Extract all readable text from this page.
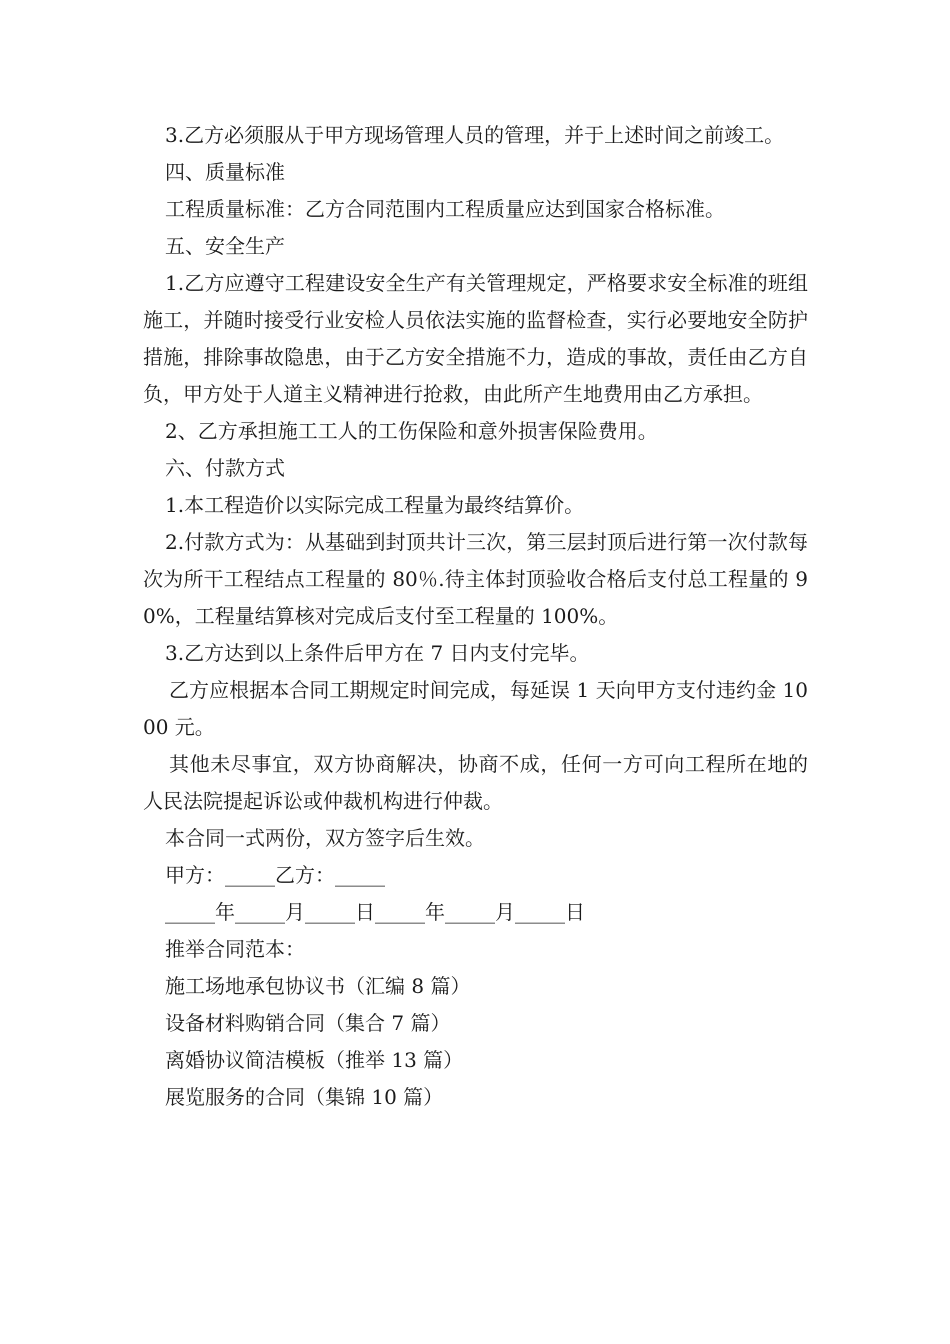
3.乙方必须服从于甲方现场管理人员的管理，并于上述时间之前竣工。

四、质量标准

工程质量标准：乙方合同范围内工程质量应达到国家合格标准。

五、安全生产

1.乙方应遵守工程建设安全生产有关管理规定，严格要求安全标准的班组施工，并随时接受行业安检人员依法实施的监督检查，实行必要地安全防护措施，排除事故隐患，由于乙方安全措施不力，造成的事故，责任由乙方自负，甲方处于人道主义精神进行抢救，由此所产生地费用由乙方承担。

2、乙方承担施工工人的工伤保险和意外损害保险费用。

六、付款方式

1.本工程造价以实际完成工程量为最终结算价。

2.付款方式为：从基础到封顶共计三次，第三层封顶后进行第一次付款每次为所干工程结点工程量的 80％.待主体封顶验收合格后支付总工程量的 90%，工程量结算核对完成后支付至工程量的 100%。

3.乙方达到以上条件后甲方在 7 日内支付完毕。

乙方应根据本合同工期规定时间完成，每延误 1 天向甲方支付违约金 1000 元。

其他未尽事宜，双方协商解决，协商不成，任何一方可向工程所在地的人民法院提起诉讼或仲裁机构进行仲裁。

本合同一式两份，双方签字后生效。

甲方：_____乙方：_____

_____年_____月_____日_____年_____月_____日

推举合同范本：

施工场地承包协议书（汇编 8 篇）

设备材料购销合同（集合 7 篇）

离婚协议简洁模板（推举 13 篇）

展览服务的合同（集锦 10 篇）
